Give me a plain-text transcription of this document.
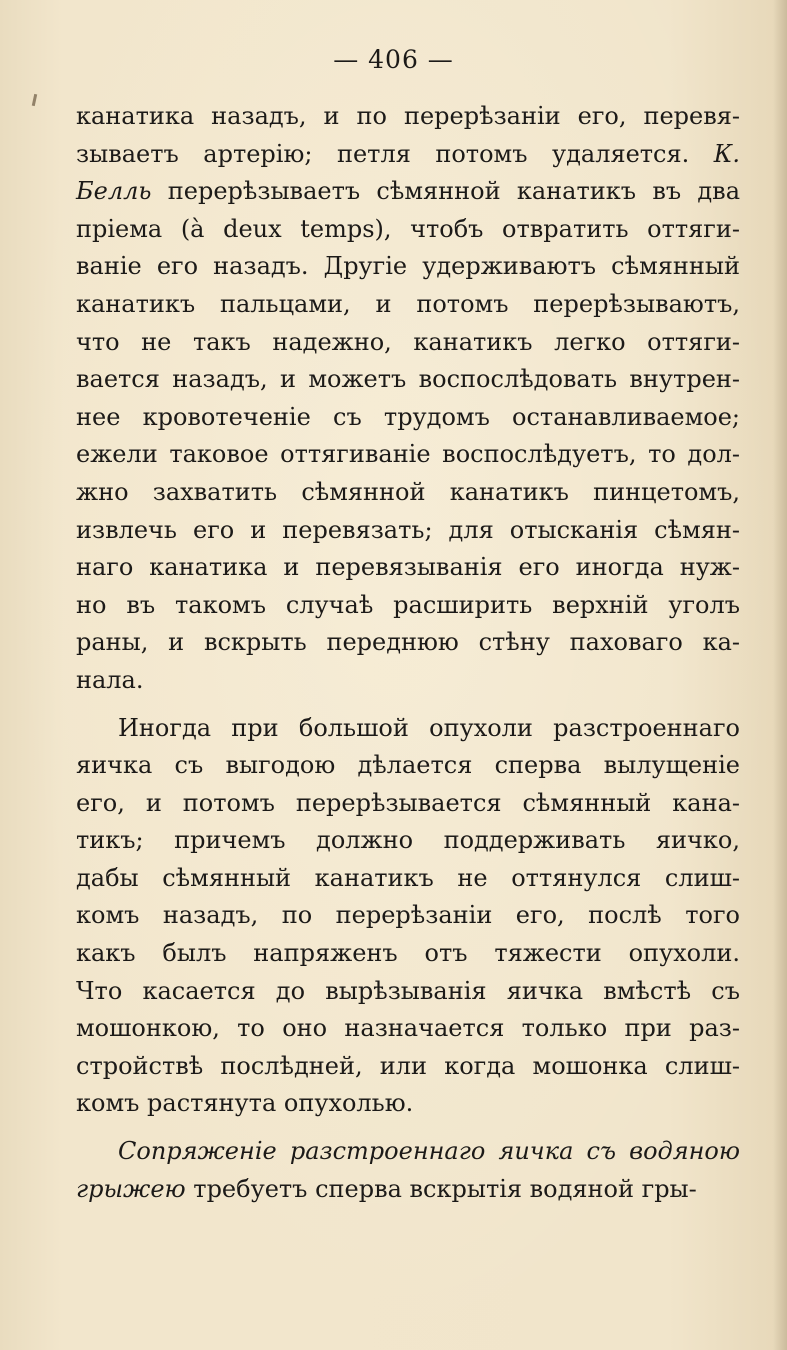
— 406 —
канатика назадъ, и по перерѣзанiи его, перевя-
зываетъ артерiю; петля потомъ удаляется. К.
Белль перерѣзываетъ сѣмянной канатикъ въ два
прiема (à deux temps), чтобъ отвратить оттяги-
ванiе его назадъ. Другiе удерживаютъ сѣмянный
канатикъ пальцами, и потомъ перерѣзываютъ,
что не такъ надежно, канатикъ легко оттяги-
вается назадъ, и можетъ воспослѣдовать внутрен-
нее кровотеченiе съ трудомъ останавливаемое;
ежели таковое оттягиванiе воспослѣдуетъ, то дол-
жно захватить сѣмянной канатикъ пинцетомъ,
извлечь его и перевязать; для отысканiя сѣмян-
наго канатика и перевязыванiя его иногда нуж-
но въ такомъ случаѣ расширить верхнiй уголъ
раны, и вскрыть переднюю стѣну паховаго ка-
нала.
Иногда при большой опухоли разстроеннаго
яичка съ выгодою дѣлается сперва вылущенiе
его, и потомъ перерѣзывается сѣмянный кана-
тикъ; причемъ должно поддерживать яичко,
дабы сѣмянный канатикъ не оттянулся слиш-
комъ назадъ, по перерѣзанiи его, послѣ того
какъ былъ напряженъ отъ тяжести опухоли.
Что касается до вырѣзыванiя яичка вмѣстѣ съ
мошонкою, то оно назначается только при раз-
стройствѣ послѣдней, или когда мошонка слиш-
комъ растянута опухолью.
Сопряженiе разстроеннаго яичка съ водяною
грыжею требуетъ сперва вскрытiя водяной гры-
